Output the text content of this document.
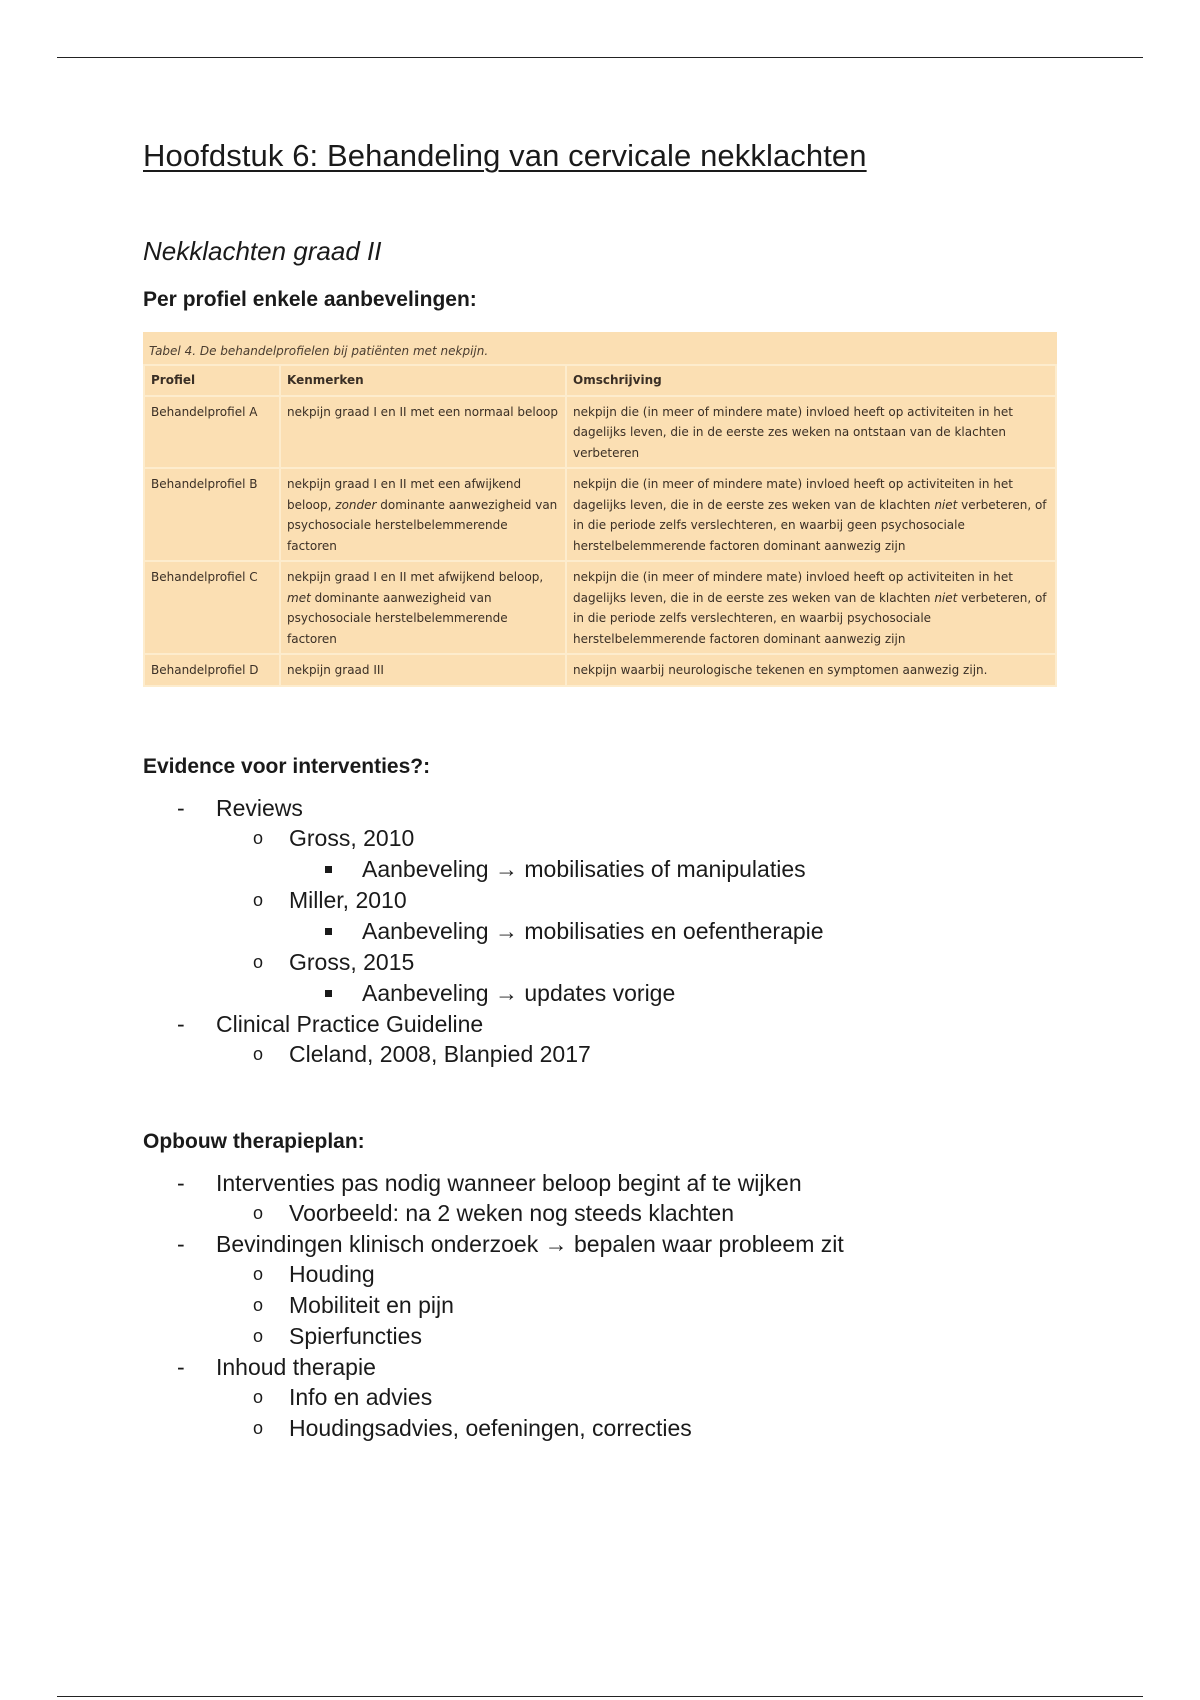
Hoofdstuk 6: Behandeling van cervicale nekklachten
Nekklachten graad II
Per profiel enkele aanbevelingen:
Tabel 4. De behandelprofielen bij patiënten met nekpijn.
Profiel	Kenmerken	Omschrijving
Behandelprofiel A	nekpijn graad I en II met een normaal beloop	nekpijn die (in meer of mindere mate) invloed heeft op activiteiten in het dagelijks leven, die in de eerste zes weken na ontstaan van de klachten verbeteren
Behandelprofiel B	nekpijn graad I en II met een afwijkend beloop, zonder dominante aanwezigheid van psychosociale herstelbelemmerende factoren	nekpijn die (in meer of mindere mate) invloed heeft op activiteiten in het dagelijks leven, die in de eerste zes weken van de klachten niet verbeteren, of in die periode zelfs verslechteren, en waarbij geen psychosociale herstelbelemmerende factoren dominant aanwezig zijn
Behandelprofiel C	nekpijn graad I en II met afwijkend beloop, met dominante aanwezigheid van psychosociale herstelbelemmerende factoren	nekpijn die (in meer of mindere mate) invloed heeft op activiteiten in het dagelijks leven, die in de eerste zes weken van de klachten niet verbeteren, of in die periode zelfs verslechteren, en waarbij psychosociale herstelbelemmerende factoren dominant aanwezig zijn
Behandelprofiel D	nekpijn graad III	nekpijn waarbij neurologische tekenen en symptomen aanwezig zijn.
Evidence voor interventies?:
- Reviews
o Gross, 2010
Aanbeveling → mobilisaties of manipulaties
o Miller, 2010
Aanbeveling → mobilisaties en oefentherapie
o Gross, 2015
Aanbeveling → updates vorige
- Clinical Practice Guideline
o Cleland, 2008, Blanpied 2017
Opbouw therapieplan:
- Interventies pas nodig wanneer beloop begint af te wijken
o Voorbeeld: na 2 weken nog steeds klachten
- Bevindingen klinisch onderzoek → bepalen waar probleem zit
o Houding
o Mobiliteit en pijn
o Spierfuncties
- Inhoud therapie
o Info en advies
o Houdingsadvies, oefeningen, correcties
